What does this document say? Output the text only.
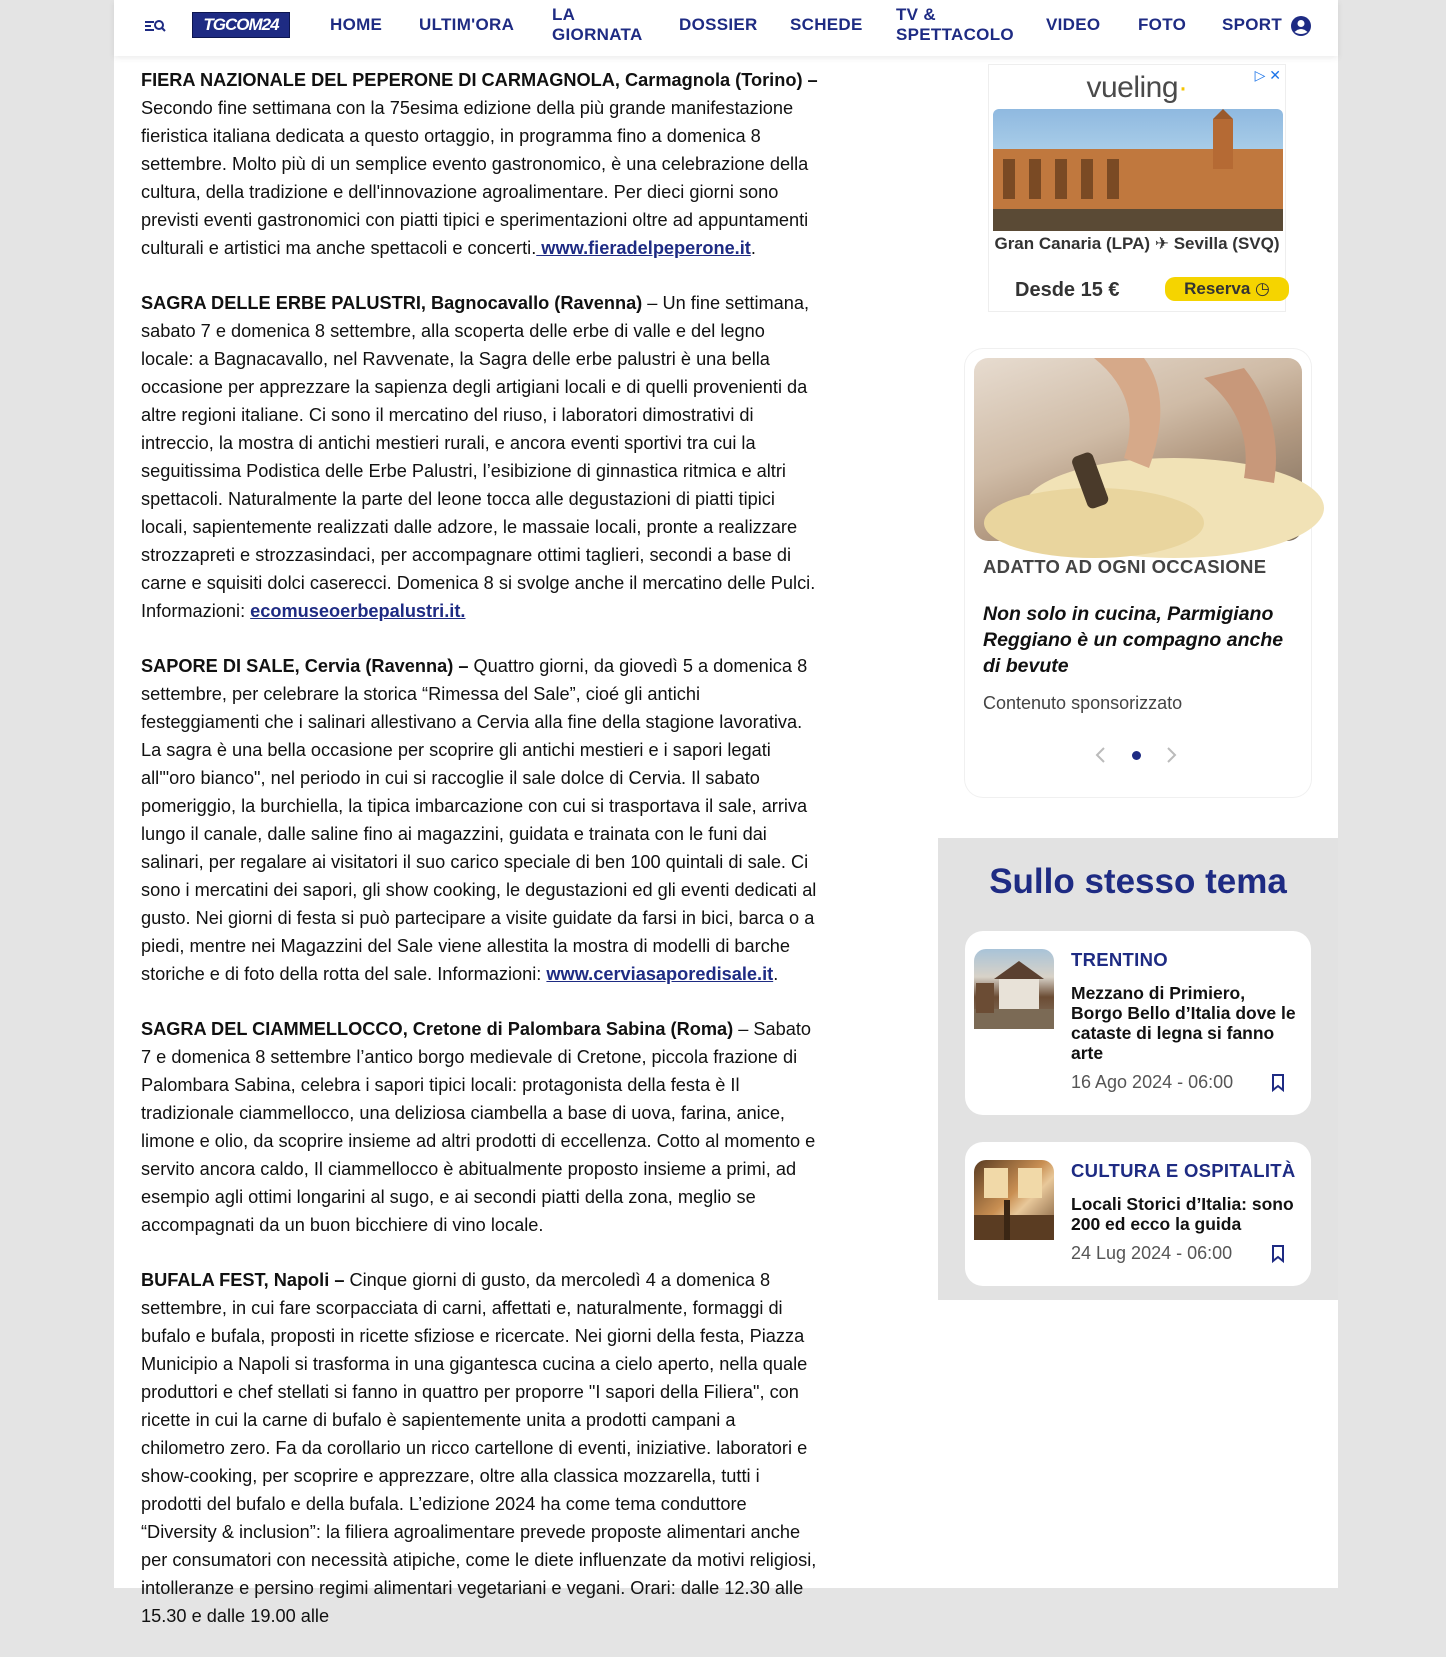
TGCOM24	HOME ULTIM'ORA
LA
GIORNATA
DOSSIER SCHEDE
TV &
SPETTACOLO
VIDEO FOTO SPORT

FIERA NAZIONALE DEL PEPERONE DI CARMAGNOLA, Carmagnola (Torino) – Secondo fine settimana con la 75esima edizione della più grande manifestazione fieristica italiana dedicata a questo ortaggio, in programma fino a domenica 8 settembre. Molto più di un semplice evento gastronomico, è una celebrazione della cultura, della tradizione e dell'innovazione agroalimentare. Per dieci giorni sono previsti eventi gastronomici con piatti tipici e sperimentazioni oltre ad appuntamenti culturali e artistici ma anche spettacoli e concerti. www.fieradelpeperone.it.

SAGRA DELLE ERBE PALUSTRI, Bagnocavallo (Ravenna) – Un fine settimana, sabato 7 e domenica 8 settembre, alla scoperta delle erbe di valle e del legno locale: a Bagnacavallo, nel Ravvenate, la Sagra delle erbe palustri è una bella occasione per apprezzare la sapienza degli artigiani locali e di quelli provenienti da altre regioni italiane. Ci sono il mercatino del riuso, i laboratori dimostrativi di intreccio, la mostra di antichi mestieri rurali, e ancora eventi sportivi tra cui la seguitissima Podistica delle Erbe Palustri, l’esibizione di ginnastica ritmica e altri spettacoli. Naturalmente la parte del leone tocca alle degustazioni di piatti tipici locali, sapientemente realizzati dalle adzore, le massaie locali, pronte a realizzare strozzapreti e strozzasindaci, per accompagnare ottimi taglieri, secondi a base di carne e squisiti dolci caserecci. Domenica 8 si svolge anche il mercatino delle Pulci. Informazioni: ecomuseoerbepalustri.it.

SAPORE DI SALE, Cervia (Ravenna) – Quattro giorni, da giovedì 5 a domenica 8 settembre, per celebrare la storica “Rimessa del Sale”, cioé gli antichi festeggiamenti che i salinari allestivano a Cervia alla fine della stagione lavorativa. La sagra è una bella occasione per scoprire gli antichi mestieri e i sapori legati all'"oro bianco", nel periodo in cui si raccoglie il sale dolce di Cervia. Il sabato pomeriggio, la burchiella, la tipica imbarcazione con cui si trasportava il sale, arriva lungo il canale, dalle saline fino ai magazzini, guidata e trainata con le funi dai salinari, per regalare ai visitatori il suo carico speciale di ben 100 quintali di sale. Ci sono i mercatini dei sapori, gli show cooking, le degustazioni ed gli eventi dedicati al gusto. Nei giorni di festa si può partecipare a visite guidate da farsi in bici, barca o a piedi, mentre nei Magazzini del Sale viene allestita la mostra di modelli di barche storiche e di foto della rotta del sale. Informazioni: www.cerviasaporedisale.it.

SAGRA DEL CIAMMELLOCCO, Cretone di Palombara Sabina (Roma) – Sabato 7 e domenica 8 settembre l’antico borgo medievale di Cretone, piccola frazione di Palombara Sabina, celebra i sapori tipici locali: protagonista della festa è Il tradizionale ciammellocco, una deliziosa ciambella a base di uova, farina, anice, limone e olio, da scoprire insieme ad altri prodotti di eccellenza. Cotto al momento e servito ancora caldo, Il ciammellocco è abitualmente proposto insieme a primi, ad esempio agli ottimi longarini al sugo, e ai secondi piatti della zona, meglio se accompagnati da un buon bicchiere di vino locale.

BUFALA FEST, Napoli – Cinque giorni di gusto, da mercoledì 4 a domenica 8 settembre, in cui fare scorpacciata di carni, affettati e, naturalmente, formaggi di bufalo e bufala, proposti in ricette sfiziose e ricercate. Nei giorni della festa, Piazza Municipio a Napoli si trasforma in una gigantesca cucina a cielo aperto, nella quale produttori e chef stellati si fanno in quattro per proporre "I sapori della Filiera", con ricette in cui la carne di bufalo è sapientemente unita a prodotti campani a chilometro zero. Fa da corollario un ricco cartellone di eventi, iniziative. laboratori e show-cooking, per scoprire e apprezzare, oltre alla classica mozzarella, tutti i prodotti del bufalo e della bufala. L’edizione 2024 ha come tema conduttore “Diversity & inclusion”: la filiera agroalimentare prevede proposte alimentari anche per consumatori con necessità atipiche, come le diete influenzate da motivi religiosi, intolleranze e persino regimi alimentari vegetariani e vegani. Orari: dalle 12.30 alle 15.30 e dalle 19.00 alle

vueling·	▷ ✕
Gran Canaria (LPA) ✈ Sevilla (SVQ)
Desde 15 €	Reserva ◷
ADATTO AD OGNI OCCASIONE
Non solo in cucina, Parmigiano Reggiano è un compagno anche di bevute
Contenuto sponsorizzato
Sullo stesso tema
TRENTINO
Mezzano di Primiero, Borgo Bello d’Italia dove le cataste di legna si fanno arte
16 Ago 2024 - 06:00
CULTURA E OSPITALITÀ
Locali Storici d’Italia: sono 200 ed ecco la guida
24 Lug 2024 - 06:00
